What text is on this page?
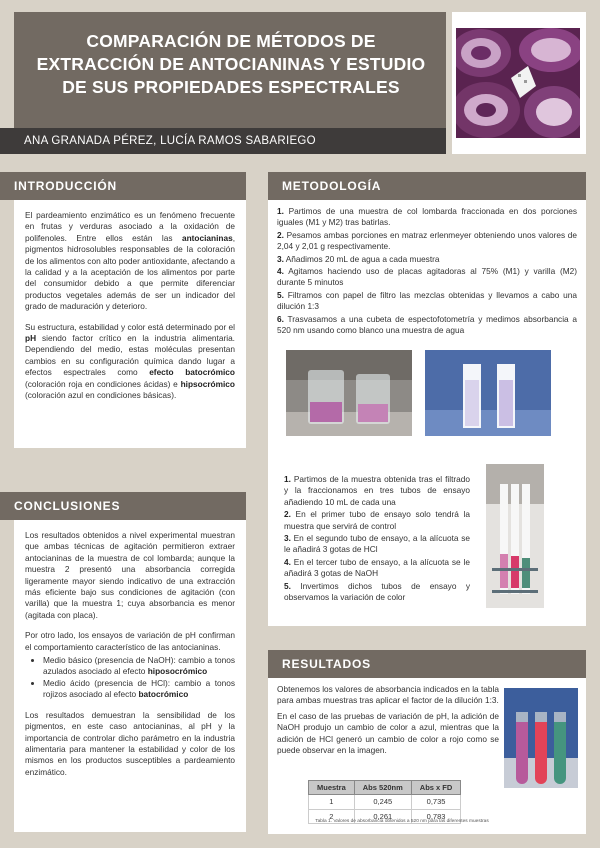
COMPARACIÓN DE MÉTODOS DE
EXTRACCIÓN DE ANTOCIANINAS Y ESTUDIO
DE SUS PROPIEDADES ESPECTRALES
ANA GRANADA PÉREZ, LUCÍA RAMOS SABARIEGO
INTRODUCCIÓN

El pardeamiento enzimático es un fenómeno frecuente en frutas y verduras asociado a la oxidación de polifenoles. Entre ellos están las antocianinas, pigmentos hidrosolubles responsables de la coloración de los alimentos con alto poder antioxidante, afectando a la calidad y a la aceptación de los alimentos por parte del consumidor debido a que permite diferenciar productos vegetales además de ser un indicador del grado de maduración y deterioro.

Su estructura, estabilidad y color está determinado por el pH siendo factor crítico en la industria alimentaria. Dependiendo del medio, estas moléculas presentan cambios en su configuración química dando lugar a efectos espectrales como efecto batocrómico (coloración roja en condiciones ácidas) e hipsocrómico (coloración azul en condiciones básicas).

CONCLUSIONES

Los resultados obtenidos a nivel experimental muestran que ambas técnicas de agitación permitieron extraer antocianinas de la muestra de col lombarda; aunque la muestra 2 presentó una absorbancia corregida ligeramente mayor siendo indicativo de una extracción más eficiente bajo sus condiciones de agitación (con varilla) que la muestra 1; cuya absorbancia es menor (agitada con placa).

Por otro lado, los ensayos de variación de pH confirman el comportamiento característico de las antocianinas.

• Medio básico (presencia de NaOH): cambio a tonos azulados asociado al efecto hiposocrómico
• Medio ácido (presencia de HCl): cambio a tonos rojizos asociado al efecto batocrómico

Los resultados demuestran la sensibilidad de los pigmentos, en este caso antocianinas, al pH y la importancia de controlar dicho parámetro en la industria alimentaria para mantener la estabilidad y color de los mismos en los productos susceptibles a pardeamiento enzimático.

METODOLOGÍA

1. Partimos de una muestra de col lombarda fraccionada en dos porciones iguales (M1 y M2) tras batirlas.

2. Pesamos ambas porciones en matraz erlenmeyer obteniendo unos valores de 2,04 y 2,01 g respectivamente.

3. Añadimos 20 mL de agua a cada muestra

4. Agitamos haciendo uso de placas agitadoras al 75% (M1) y varilla (M2) durante 5 minutos

5. Filtramos con papel de filtro las mezclas obtenidas y llevamos a cabo una dilución 1:3

6. Trasvasamos a una cubeta de espectofotometría y medimos absorbancia a 520 nm usando como blanco una muestra de agua

1. Partimos de la muestra obtenida tras el filtrado y la fraccionamos en tres tubos de ensayo añadiendo 10 mL de cada una

2. En el primer tubo de ensayo solo tendrá la muestra que servirá de control

3. En el segundo tubo de ensayo, a la alícuota se le añadirá 3 gotas de HCl

4. En el tercer tubo de ensayo, a la alícuota se le añadirá 3 gotas de NaOH

5. Invertimos dichos tubos de ensayo y observamos la variación de color

RESULTADOS

Obtenemos los valores de absorbancia indicados en la tabla para ambas muestras tras aplicar el factor de la dilución 1:3.

En el caso de las pruebas de variación de pH, la adición de NaOH produjo un cambio de color a azul, mientras que la adición de HCl generó un cambio de color a rojo como se puede observar en la imagen.

Muestra	Abs 520nm	Abs x FD
1	0,245	0,735
2	0,261	0,783
Tabla 1. Valores de absorbancia obtenidos a 520 nm para las diferentes muestras
